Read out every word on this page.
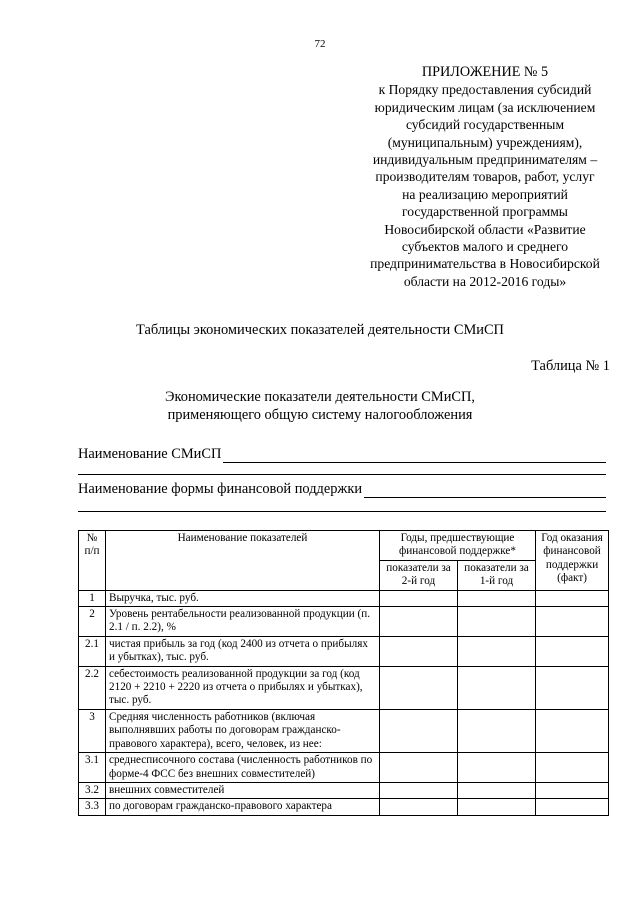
72
ПРИЛОЖЕНИЕ № 5
к Порядку предоставления субсидий
юридическим лицам (за исключением
субсидий государственным
(муниципальным) учреждениям),
индивидуальным предпринимателям –
производителям товаров, работ, услуг
на реализацию мероприятий
государственной программы
Новосибирской области «Развитие
субъектов малого и среднего
предпринимательства в Новосибирской
области на 2012-2016 годы»
Таблицы экономических показателей деятельности СМиСП
Таблица № 1
Экономические показатели деятельности СМиСП,
применяющего общую систему налогообложения
Наименование СМиСП
Наименование формы финансовой поддержки
№ п/п	Наименование показателей	Годы, предшествующие финансовой поддержке*		Год оказания финансовой поддержки (факт)
		показатели за 2-й год	показатели за 1-й год	
1	Выручка, тыс. руб.			
2	Уровень рентабельности реализованной продукции (п. 2.1 / п. 2.2), %			
2.1	чистая прибыль за год (код 2400 из отчета о прибылях и убытках), тыс. руб.			
2.2	себестоимость реализованной продукции за год (код 2120 + 2210 + 2220 из отчета о прибылях и убытках), тыс. руб.			
3	Средняя численность работников (включая выполнявших работы по договорам гражданско-правового характера), всего, человек, из нее:			
3.1	среднесписочного состава (численность работников по форме-4 ФСС без внешних совместителей)			
3.2	внешних совместителей			
3.3	по договорам гражданско-правового характера			
